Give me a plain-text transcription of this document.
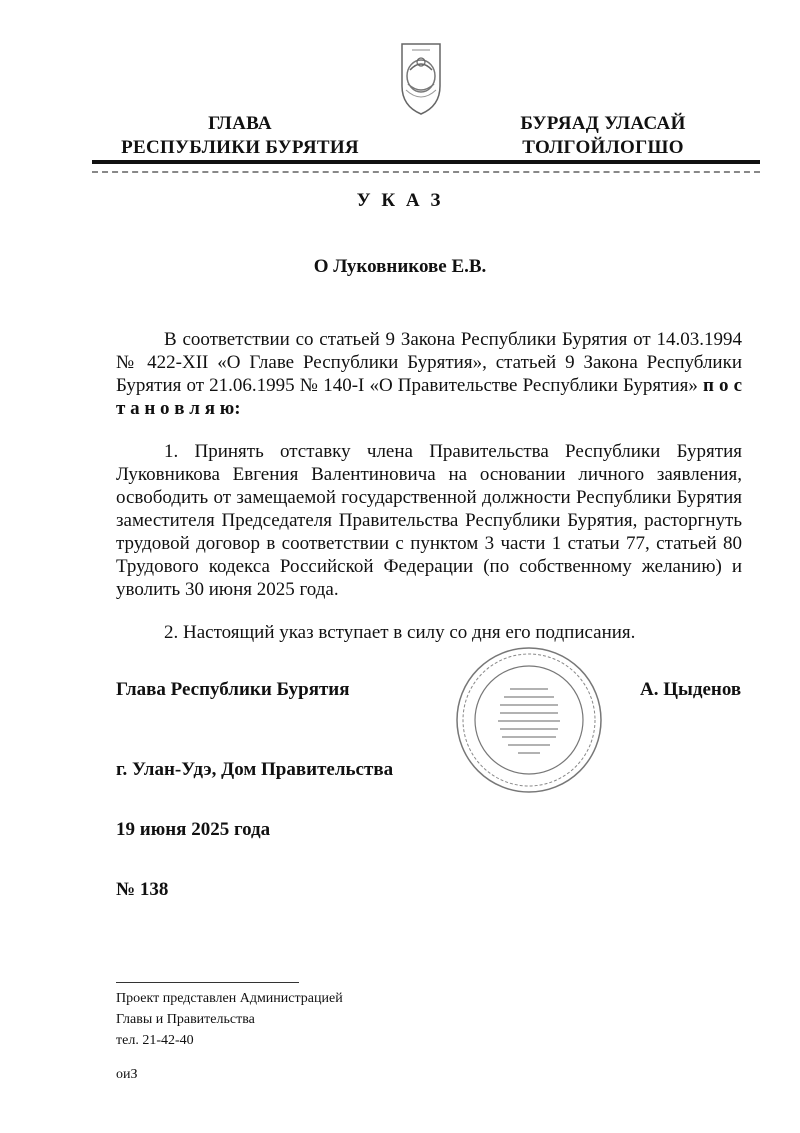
ГЛАВА
РЕСПУБЛИКИ БУРЯТИЯ
БУРЯАД УЛАСАЙ
ТОЛГОЙЛОГШО
У К А З
О Луковникове Е.В.

В соответствии со статьей 9 Закона Республики Бурятия от 14.03.1994 № 422-XII «О Главе Республики Бурятия», статьей 9 Закона Республики Бурятия от 21.06.1995 № 140-I «О Правительстве Республики Бурятия» п о с т а н о в л я ю:

1. Принять отставку члена Правительства Республики Бурятия Луковникова Евгения Валентиновича на основании личного заявления, освободить от замещаемой государственной должности Республики Бурятия заместителя Председателя Правительства Республики Бурятия, расторгнуть трудовой договор в соответствии с пунктом 3 части 1 статьи 77, статьей 80 Трудового кодекса Российской Федерации (по собственному желанию) и уволить 30 июня 2025 года.

2. Настоящий указ вступает в силу со дня его подписания.

Глава Республики Бурятия	А. Цыденов
г. Улан-Удэ, Дом Правительства
19 июня 2025 года
№ 138
Проект представлен Администрацией
Главы и Правительства
тел. 21-42-40
оиЗ
